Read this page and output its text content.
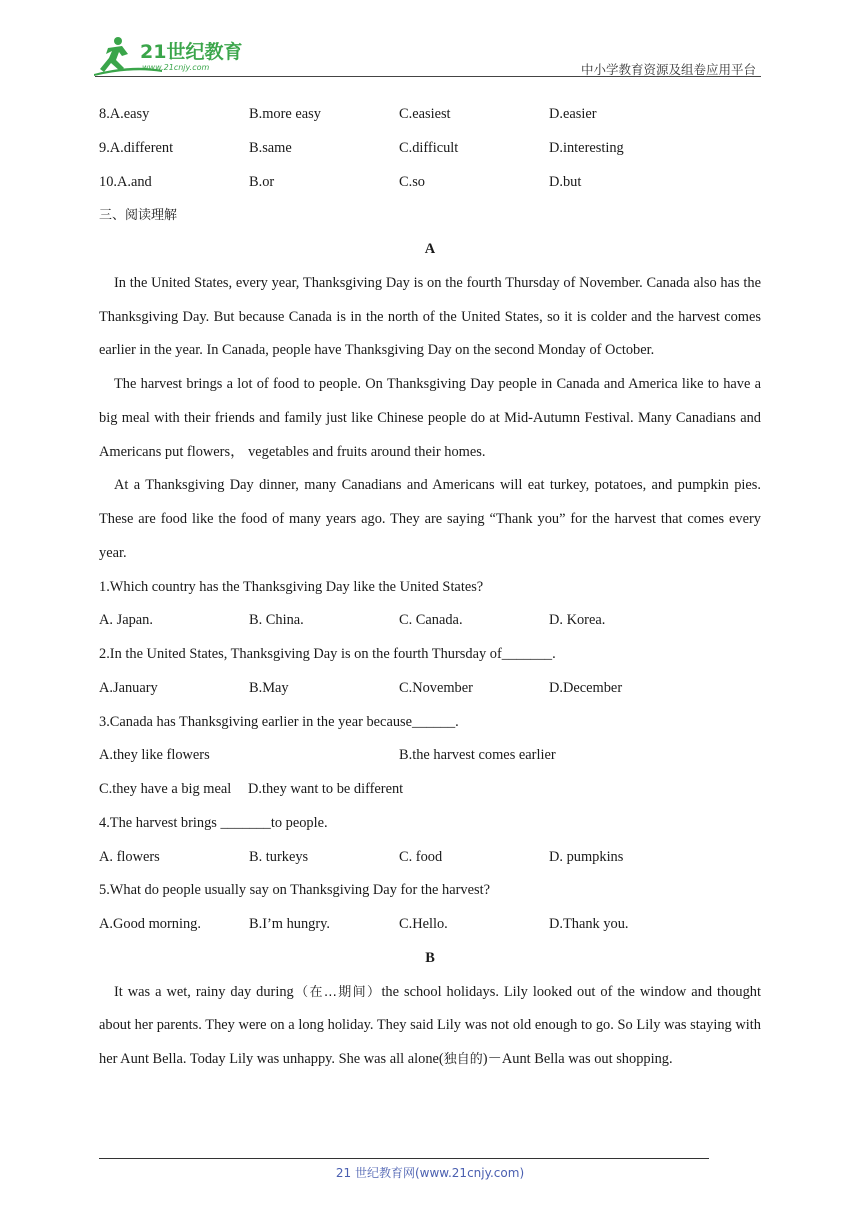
21世纪教育
www.21cnjy.com	中小学教育资源及组卷应用平台
8.A.easy	B.more easy	C.easiest	D.easier
9.A.different	B.same	C.difficult	D.interesting
10.A.and	B.or	C.so	D.but
三、阅读理解
A

In the United States, every year, Thanksgiving Day is on the fourth Thursday of November. Canada also has the Thanksgiving Day. But because Canada is in the north of the United States, so it is colder and the harvest comes earlier in the year. In Canada, people have Thanksgiving Day on the second Monday of October.

The harvest brings a lot of food to people. On Thanksgiving Day people in Canada and America like to have a big meal with their friends and family just like Chinese people do at Mid-Autumn Festival. Many Canadians and Americans put flowers， vegetables and fruits around their homes.

At a Thanksgiving Day dinner, many Canadians and Americans will eat turkey, potatoes, and pumpkin pies. These are food like the food of many years ago. They are saying “Thank you” for the harvest that comes every year.

1.Which country has the Thanksgiving Day like the United States?
A. Japan.	B. China.	C. Canada.	D. Korea.
2.In the United States, Thanksgiving Day is on the fourth Thursday of_______.
A.January	B.May	C.November	D.December
3.Canada has Thanksgiving earlier in the year because______.
A.they like flowers	B.the harvest comes earlier
C.they have a big meal D.they want to be different
4.The harvest brings _______to people.
A. flowers	B. turkeys	C. food	D. pumpkins
5.What do people usually say on Thanksgiving Day for the harvest?
A.Good morning.	B.I’m hungry.	C.Hello.	D.Thank you.
B

It was a wet, rainy day during（在…期间）the school holidays. Lily looked out of the window and thought about her parents. They were on a long holiday. They said Lily was not old enough to go. So Lily was staying with her Aunt Bella. Today Lily was unhappy. She was all alone(独自的)－Aunt Bella was out shopping.

21 世纪教育网(www.21cnjy.com)
